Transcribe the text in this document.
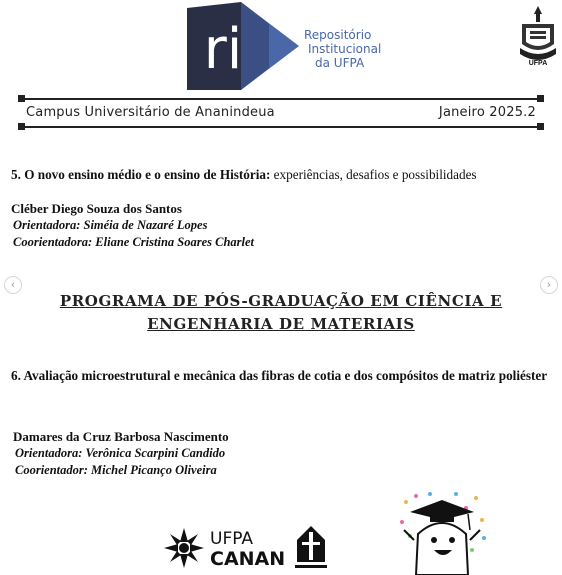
ri	Repositório
Institucional
da UFPA	UFPA
Campus Universitário de Ananindeua	Janeiro 2025.2
5. O novo ensino médio e o ensino de História: experiências, desafios e possibilidades
Cléber Diego Souza dos Santos
Orientadora: Siméia de Nazaré Lopes
Coorientadora: Eliane Cristina Soares Charlet
‹	›
PROGRAMA DE PÓS-GRADUAÇÃO EM CIÊNCIA E
ENGENHARIA DE MATERIAIS
6. Avaliação microestrutural e mecânica das fibras de cotia e dos compósitos de matriz poliéster
Damares da Cruz Barbosa Nascimento
Orientadora: Verônica Scarpini Candido
Coorientador: Michel Picanço Oliveira
UFPA
CANAN
